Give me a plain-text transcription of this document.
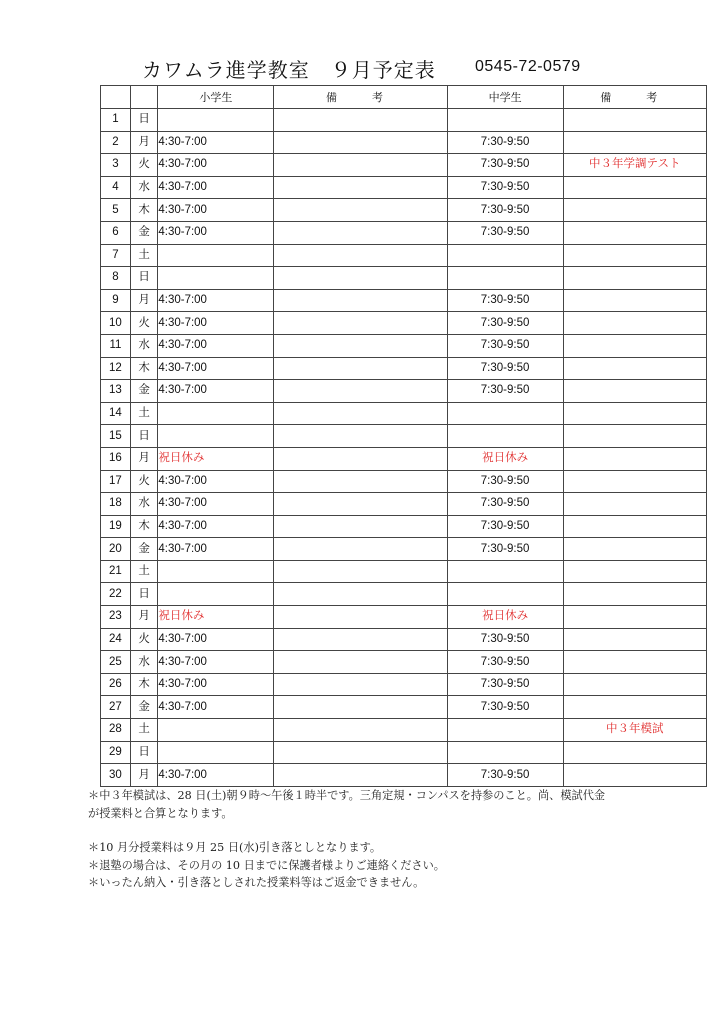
カワムラ進学教室　９月予定表 0545-72-0579
		小学生	備　考	中学生	備　考
1	日				
2	月	4:30-7:00		7:30-9:50	
3	火	4:30-7:00		7:30-9:50	中３年学調テスト
4	水	4:30-7:00		7:30-9:50	
5	木	4:30-7:00		7:30-9:50	
6	金	4:30-7:00		7:30-9:50	
7	土				
8	日				
9	月	4:30-7:00		7:30-9:50	
10	火	4:30-7:00		7:30-9:50	
11	水	4:30-7:00		7:30-9:50	
12	木	4:30-7:00		7:30-9:50	
13	金	4:30-7:00		7:30-9:50	
14	土				
15	日				
16	月	祝日休み		祝日休み	
17	火	4:30-7:00		7:30-9:50	
18	水	4:30-7:00		7:30-9:50	
19	木	4:30-7:00		7:30-9:50	
20	金	4:30-7:00		7:30-9:50	
21	土				
22	日				
23	月	祝日休み		祝日休み	
24	火	4:30-7:00		7:30-9:50	
25	水	4:30-7:00		7:30-9:50	
26	木	4:30-7:00		7:30-9:50	
27	金	4:30-7:00		7:30-9:50	
28	土				中３年模試
29	日				
30	月	4:30-7:00		7:30-9:50	

＊中３年模試は、28 日(土)朝９時～午後１時半です。三角定規・コンパスを持参のこと。尚、模試代金

が授業料と合算となります。

＊10 月分授業料は９月 25 日(水)引き落としとなります。

＊退塾の場合は、その月の 10 日までに保護者様よりご連絡ください。

＊いったん納入・引き落としされた授業料等はご返金できません。
